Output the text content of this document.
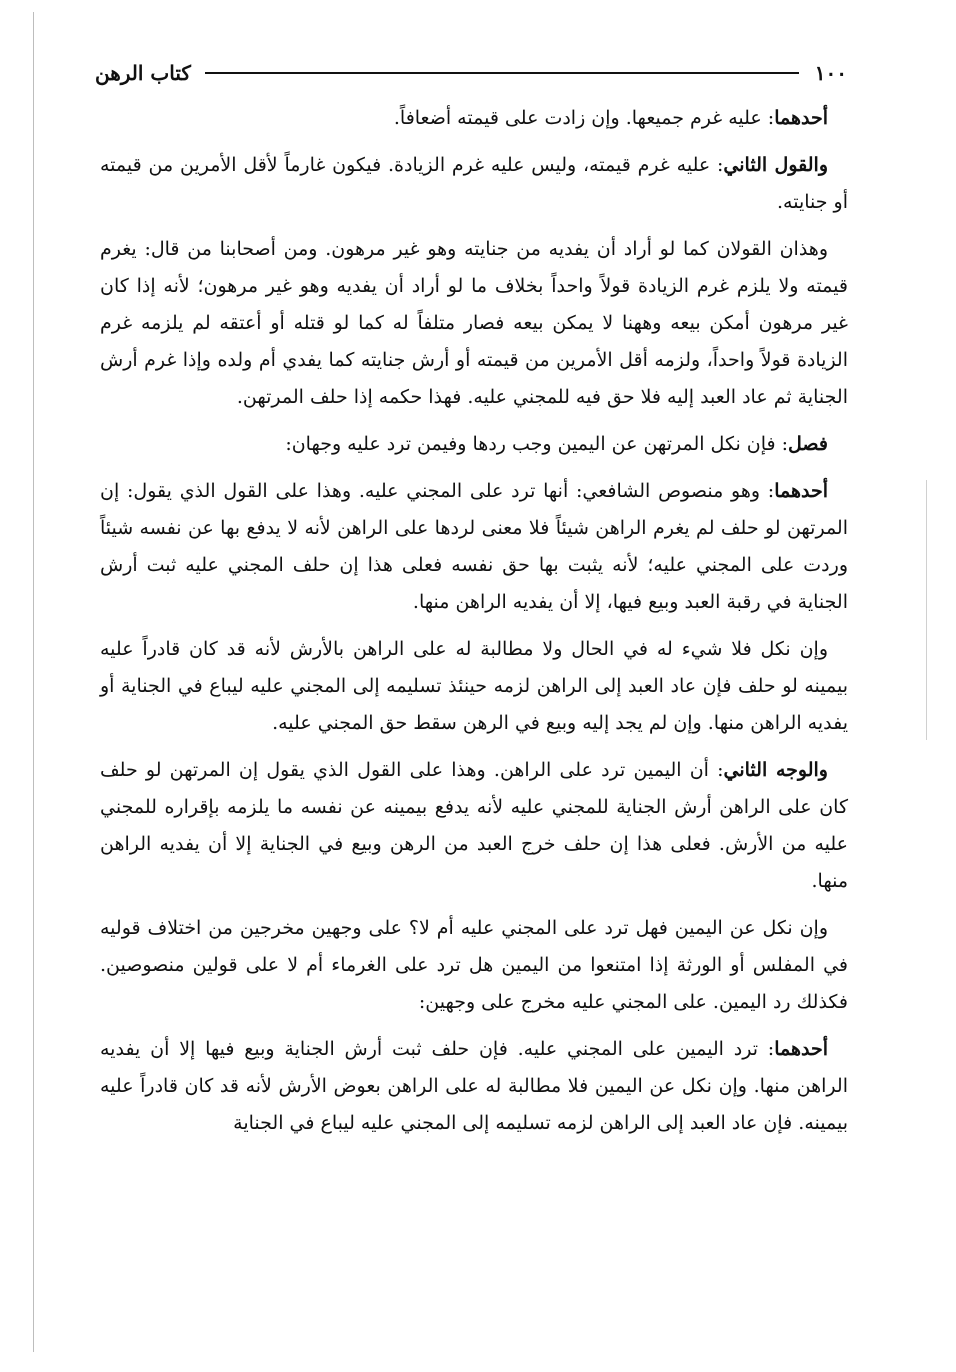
١٠٠
كتاب الرهن

أحدهما: عليه غرم جميعها. وإن زادت على قيمته أضعافاً.

والقول الثاني: عليه غرم قيمته، وليس عليه غرم الزيادة. فيكون غارماً لأقل الأمرين من قيمته أو جنايته.

وهذان القولان كما لو أراد أن يفديه من جنايته وهو غير مرهون. ومن أصحابنا من قال: يغرم قيمته ولا يلزم غرم الزيادة قولاً واحداً بخلاف ما لو أراد أن يفديه وهو غير مرهون؛ لأنه إذا كان غير مرهون أمكن بيعه وههنا لا يمكن بيعه فصار متلفاً له كما لو قتله أو أعتقه لم يلزمه غرم الزيادة قولاً واحداً، ولزمه أقل الأمرين من قيمته أو أرش جنايته كما يفدي أم ولده وإذا غرم أرش الجناية ثم عاد العبد إليه فلا حق فيه للمجني عليه. فهذا حكمه إذا حلف المرتهن.

فصل: فإن نكل المرتهن عن اليمين وجب ردها وفيمن ترد عليه وجهان:

أحدهما: وهو منصوص الشافعي: أنها ترد على المجني عليه. وهذا على القول الذي يقول: إن المرتهن لو حلف لم يغرم الراهن شيئاً فلا معنى لردها على الراهن لأنه لا يدفع بها عن نفسه شيئاً وردت على المجني عليه؛ لأنه يثبت بها حق نفسه فعلى هذا إن حلف المجني عليه ثبت أرش الجناية في رقبة العبد وبيع فيها، إلا أن يفديه الراهن منها.

وإن نكل فلا شيء له في الحال ولا مطالبة له على الراهن بالأرش لأنه قد كان قادراً عليه بيمينه لو حلف فإن عاد العبد إلى الراهن لزمه حينئذ تسليمه إلى المجني عليه ليباع في الجناية أو يفديه الراهن منها. وإن لم يجد إليه وبيع في الرهن سقط حق المجني عليه.

والوجه الثاني: أن اليمين ترد على الراهن. وهذا على القول الذي يقول إن المرتهن لو حلف كان على الراهن أرش الجناية للمجني عليه لأنه يدفع بيمينه عن نفسه ما يلزمه بإقراره للمجني عليه من الأرش. فعلى هذا إن حلف خرج العبد من الرهن وبيع في الجناية إلا أن يفديه الراهن منها.

وإن نكل عن اليمين فهل ترد على المجني عليه أم لا؟ على وجهين مخرجين من اختلاف قوليه في المفلس أو الورثة إذا امتنعوا من اليمين هل ترد على الغرماء أم لا على قولين منصوصين. فكذلك رد اليمين. على المجني عليه مخرج على وجهين:

أحدهما: ترد اليمين على المجني عليه. فإن حلف ثبت أرش الجناية وبيع فيها إلا أن يفديه الراهن منها. وإن نكل عن اليمين فلا مطالبة له على الراهن بعوض الأرش لأنه قد كان قادراً عليه بيمينه. فإن عاد العبد إلى الراهن لزمه تسليمه إلى المجني عليه ليباع في الجناية
